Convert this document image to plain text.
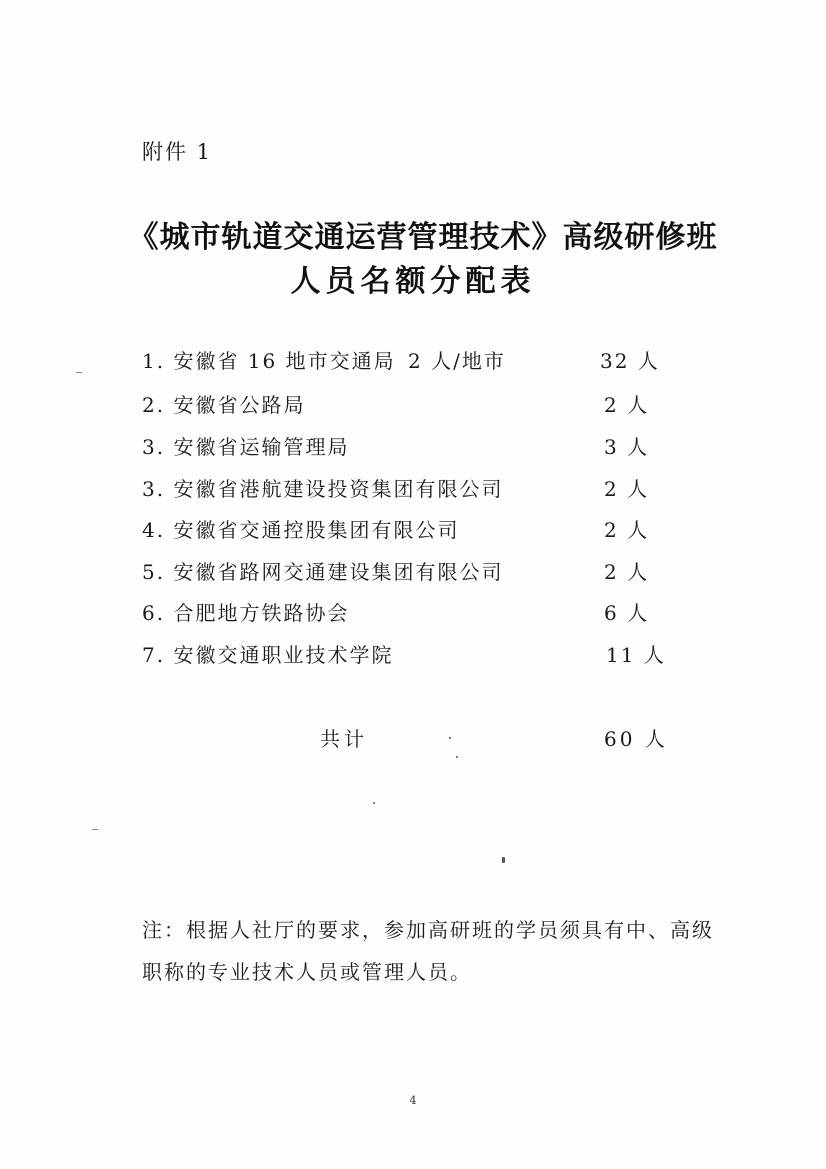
附件 1
《城市轨道交通运营管理技术》高级研修班
人员名额分配表
1. 安徽省 16 地市交通局 2 人/地市	32 人
2. 安徽省公路局	2 人
3. 安徽省运输管理局	3 人
3. 安徽省港航建设投资集团有限公司	2 人
4. 安徽省交通控股集团有限公司	2 人
5. 安徽省路网交通建设集团有限公司	2 人
6. 合肥地方铁路协会	6 人
7. 安徽交通职业技术学院	11 人
共计	60 人
注：根据人社厅的要求，参加高研班的学员须具有中、高级
职称的专业技术人员或管理人员。
4
